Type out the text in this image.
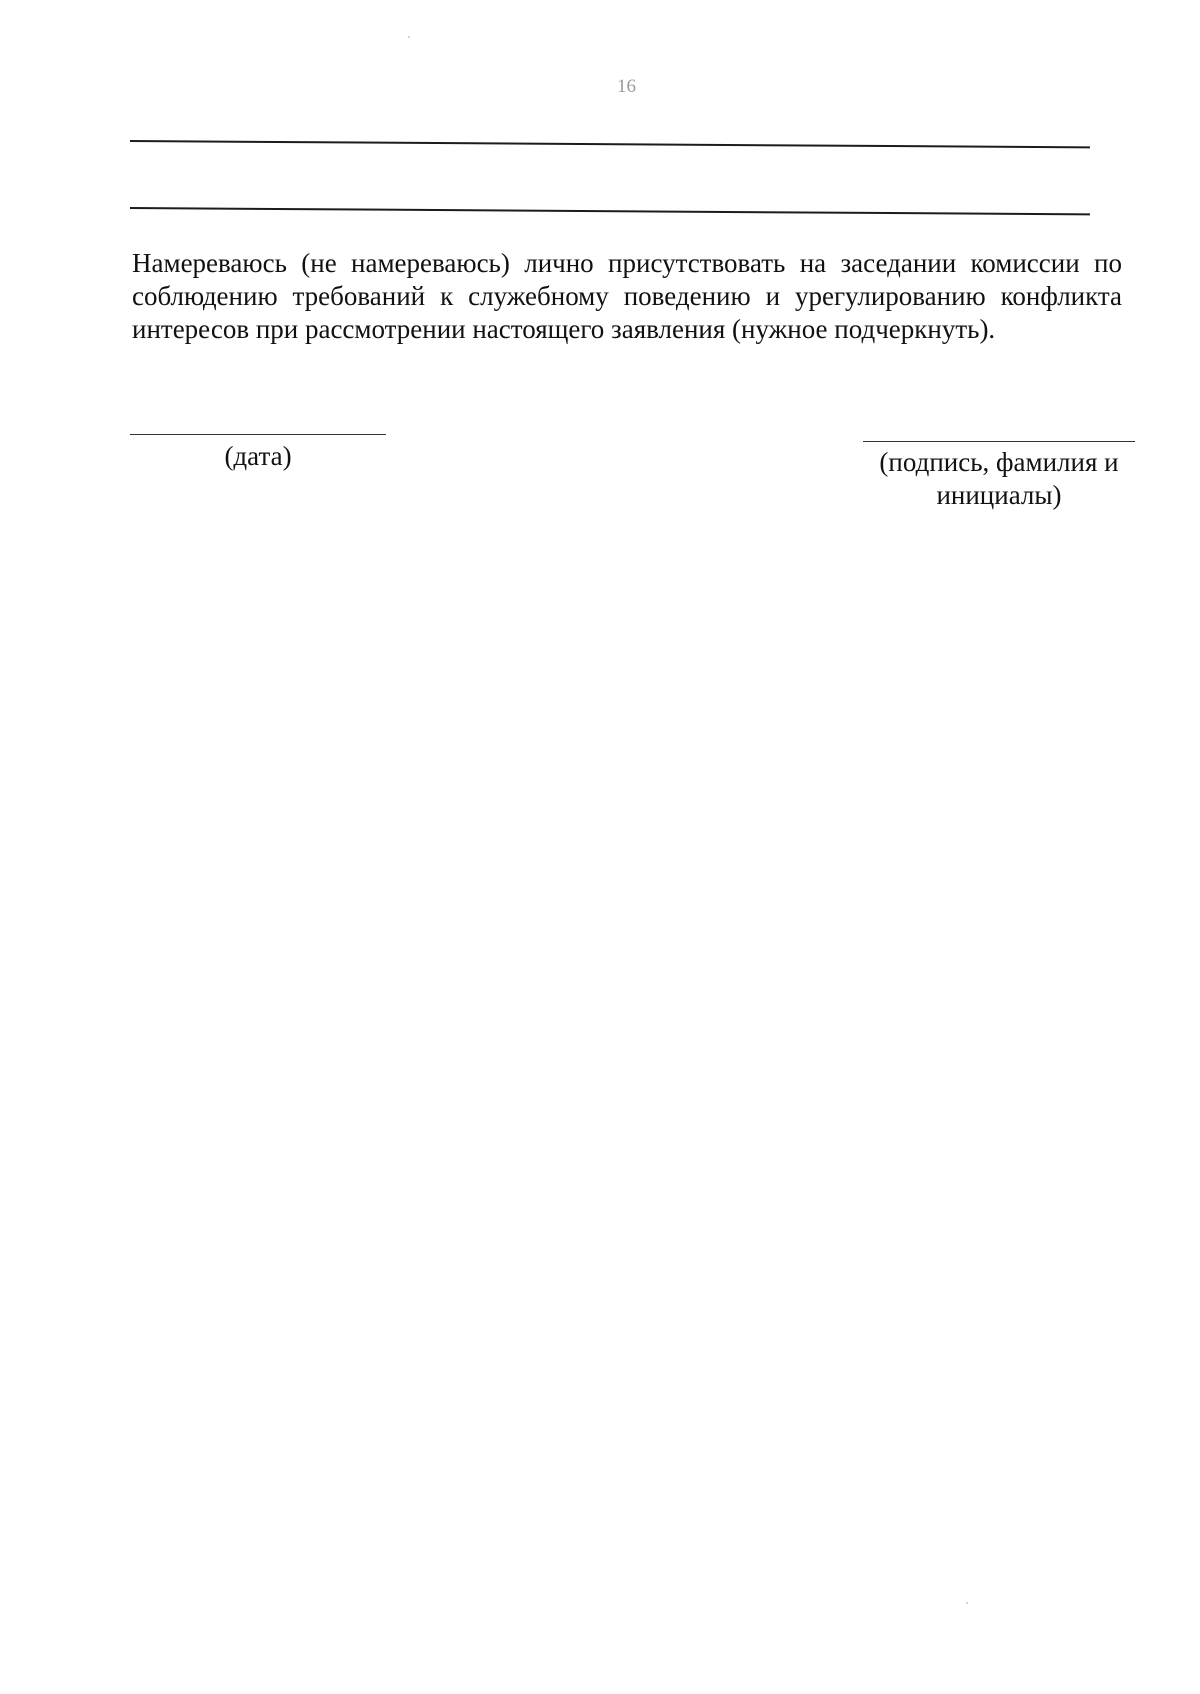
16

Намереваюсь (не намереваюсь) лично присутствовать на заседании комиссии по соблюдению требований к служебному поведению и урегулированию конфликта интересов при рассмотрении настоящего заявления (нужное подчеркнуть).

(дата)	(подпись, фамилия и
инициалы)
